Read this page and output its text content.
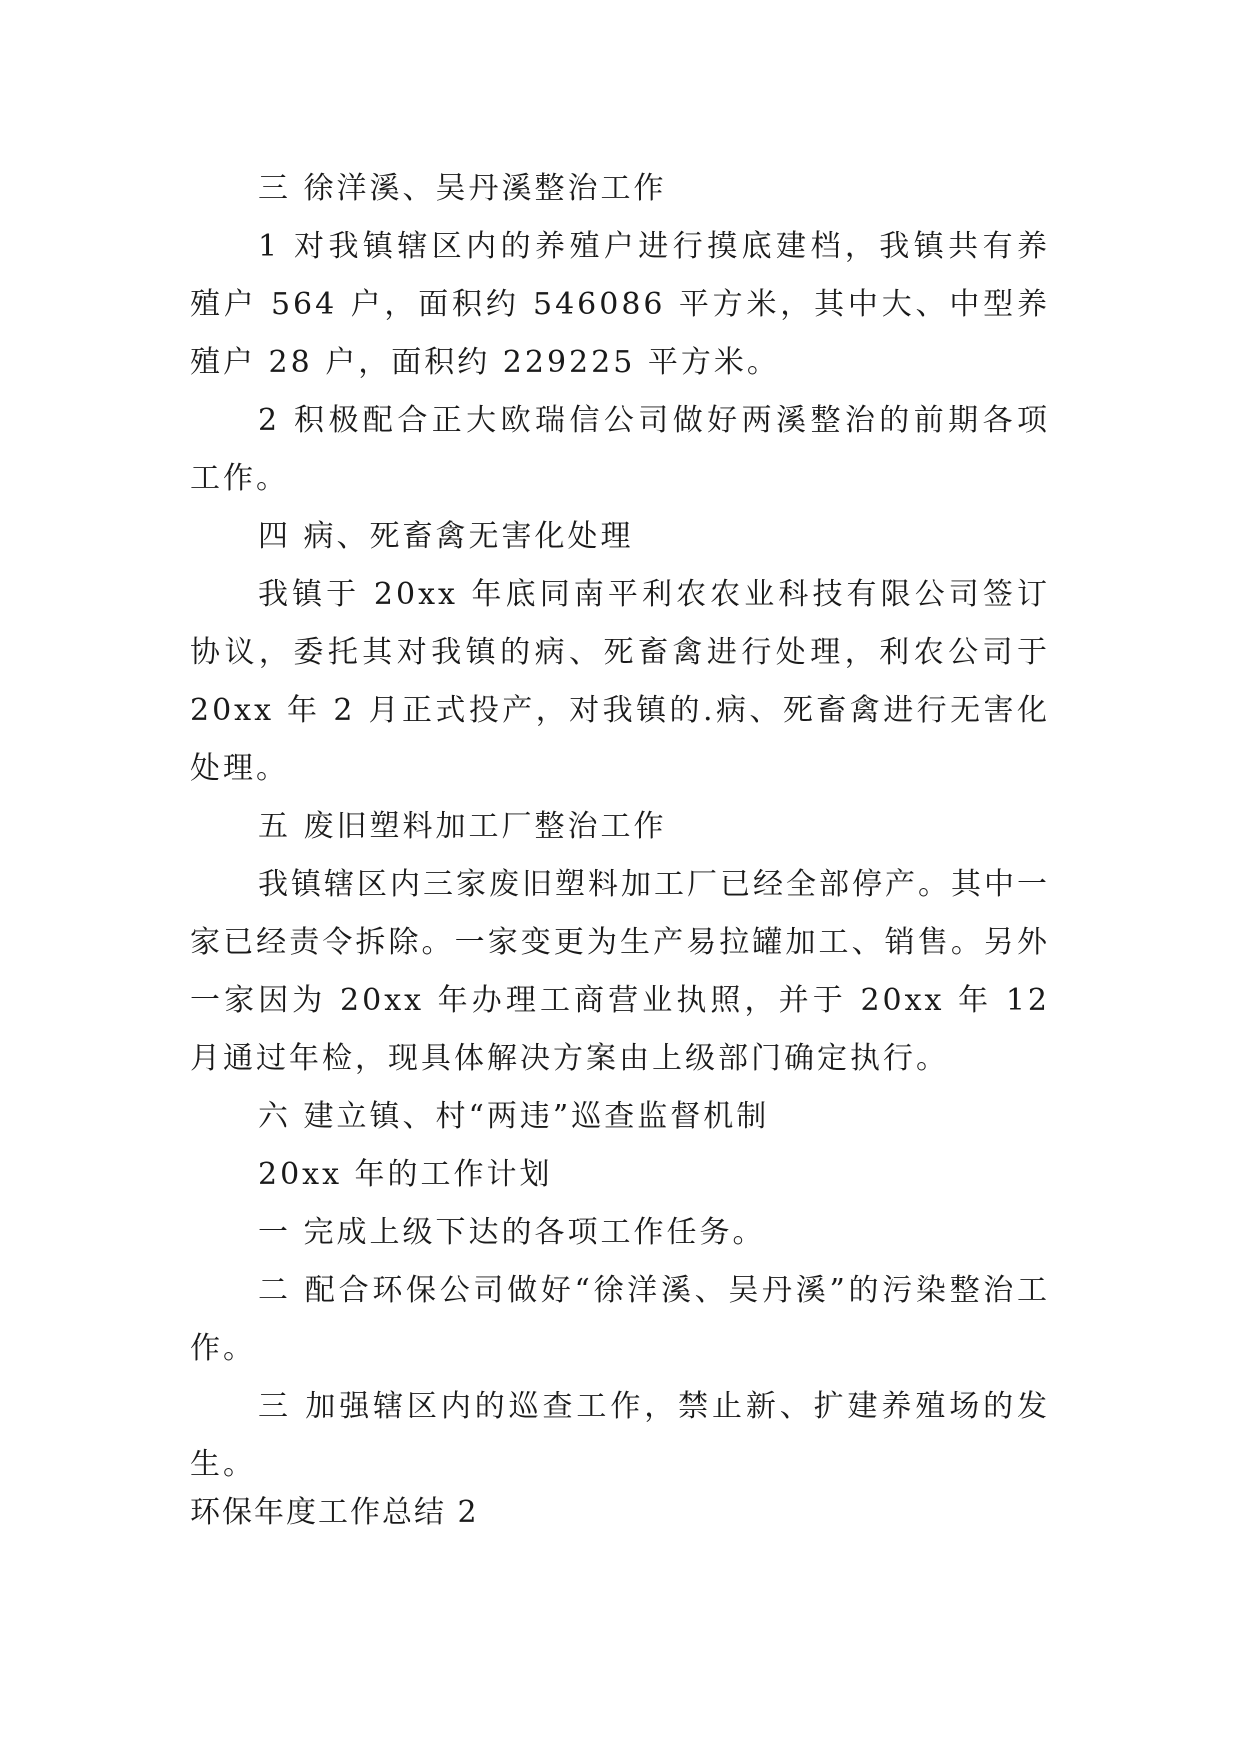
三 徐洋溪、吴丹溪整治工作

1 对我镇辖区内的养殖户进行摸底建档，我镇共有养殖户 564 户，面积约 546086 平方米，其中大、中型养殖户 28 户，面积约 229225 平方米。

2 积极配合正大欧瑞信公司做好两溪整治的前期各项工作。

四 病、死畜禽无害化处理

我镇于 20xx 年底同南平利农农业科技有限公司签订协议，委托其对我镇的病、死畜禽进行处理，利农公司于 20xx 年 2 月正式投产，对我镇的.病、死畜禽进行无害化处理。

五 废旧塑料加工厂整治工作

我镇辖区内三家废旧塑料加工厂已经全部停产。其中一家已经责令拆除。一家变更为生产易拉罐加工、销售。另外一家因为 20xx 年办理工商营业执照，并于 20xx 年 12 月通过年检，现具体解决方案由上级部门确定执行。

六 建立镇、村“两违”巡查监督机制

20xx 年的工作计划

一 完成上级下达的各项工作任务。

二 配合环保公司做好“徐洋溪、吴丹溪”的污染整治工作。

三 加强辖区内的巡查工作，禁止新、扩建养殖场的发生。

环保年度工作总结 2
